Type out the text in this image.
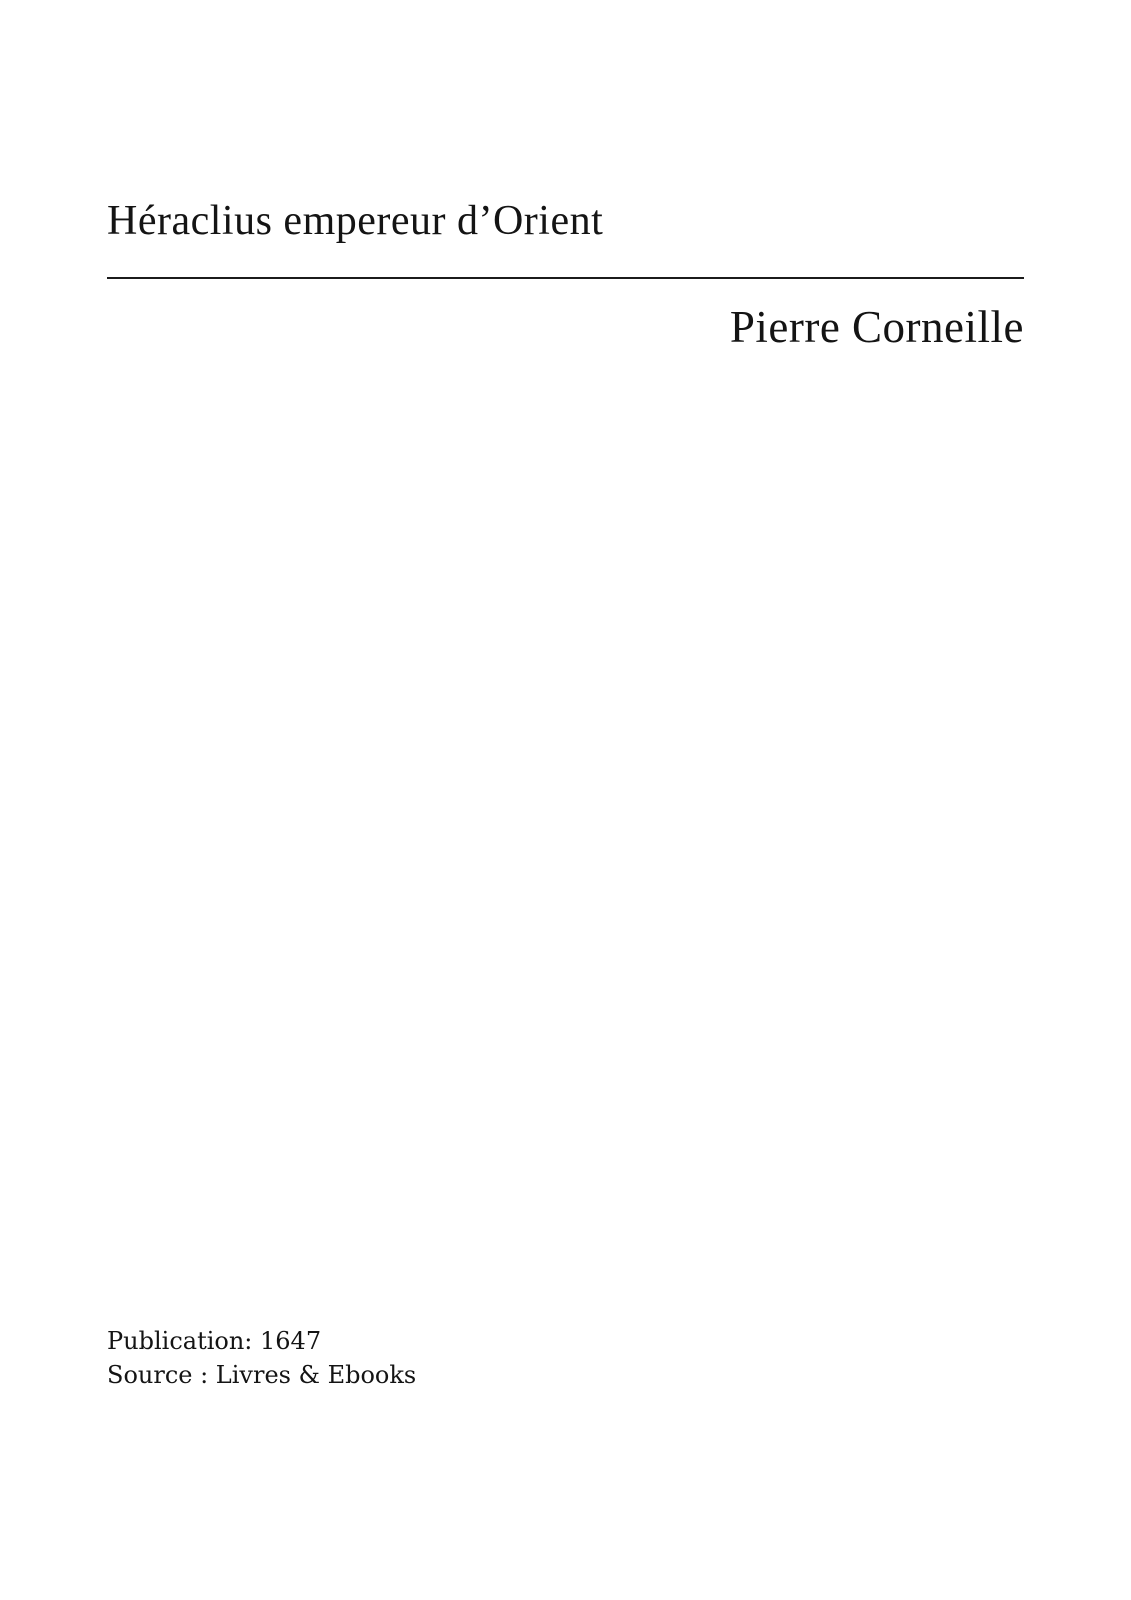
Héraclius empereur d’Orient
Pierre Corneille

Publication: 1647

Source : Livres & Ebooks
